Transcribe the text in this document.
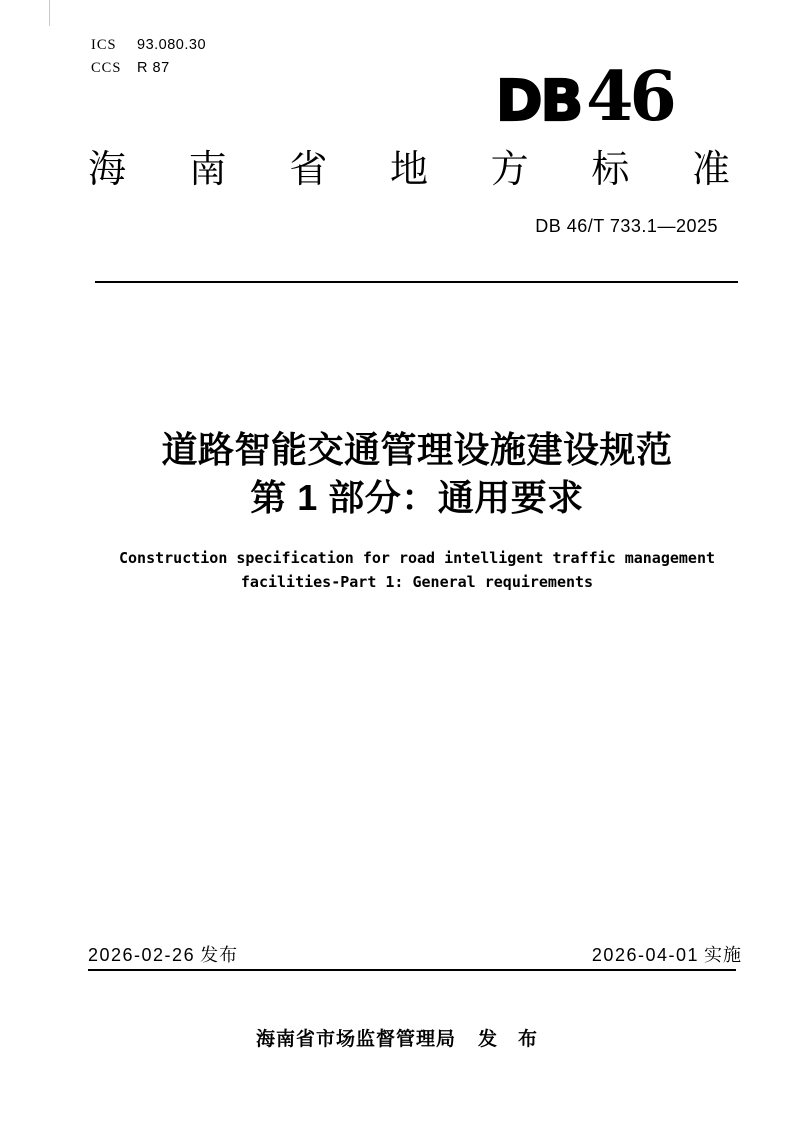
ICS	93.080.30
CCS	R 87
DB 46
海南省地方标准
DB 46/T 733.1—2025
道路智能交通管理设施建设规范
第 1 部分：通用要求
Construction specification for road intelligent traffic management
facilities-Part 1: General requirements
2026-02-26 发布	2026-04-01 实施
海南省市场监督管理局 发　布
